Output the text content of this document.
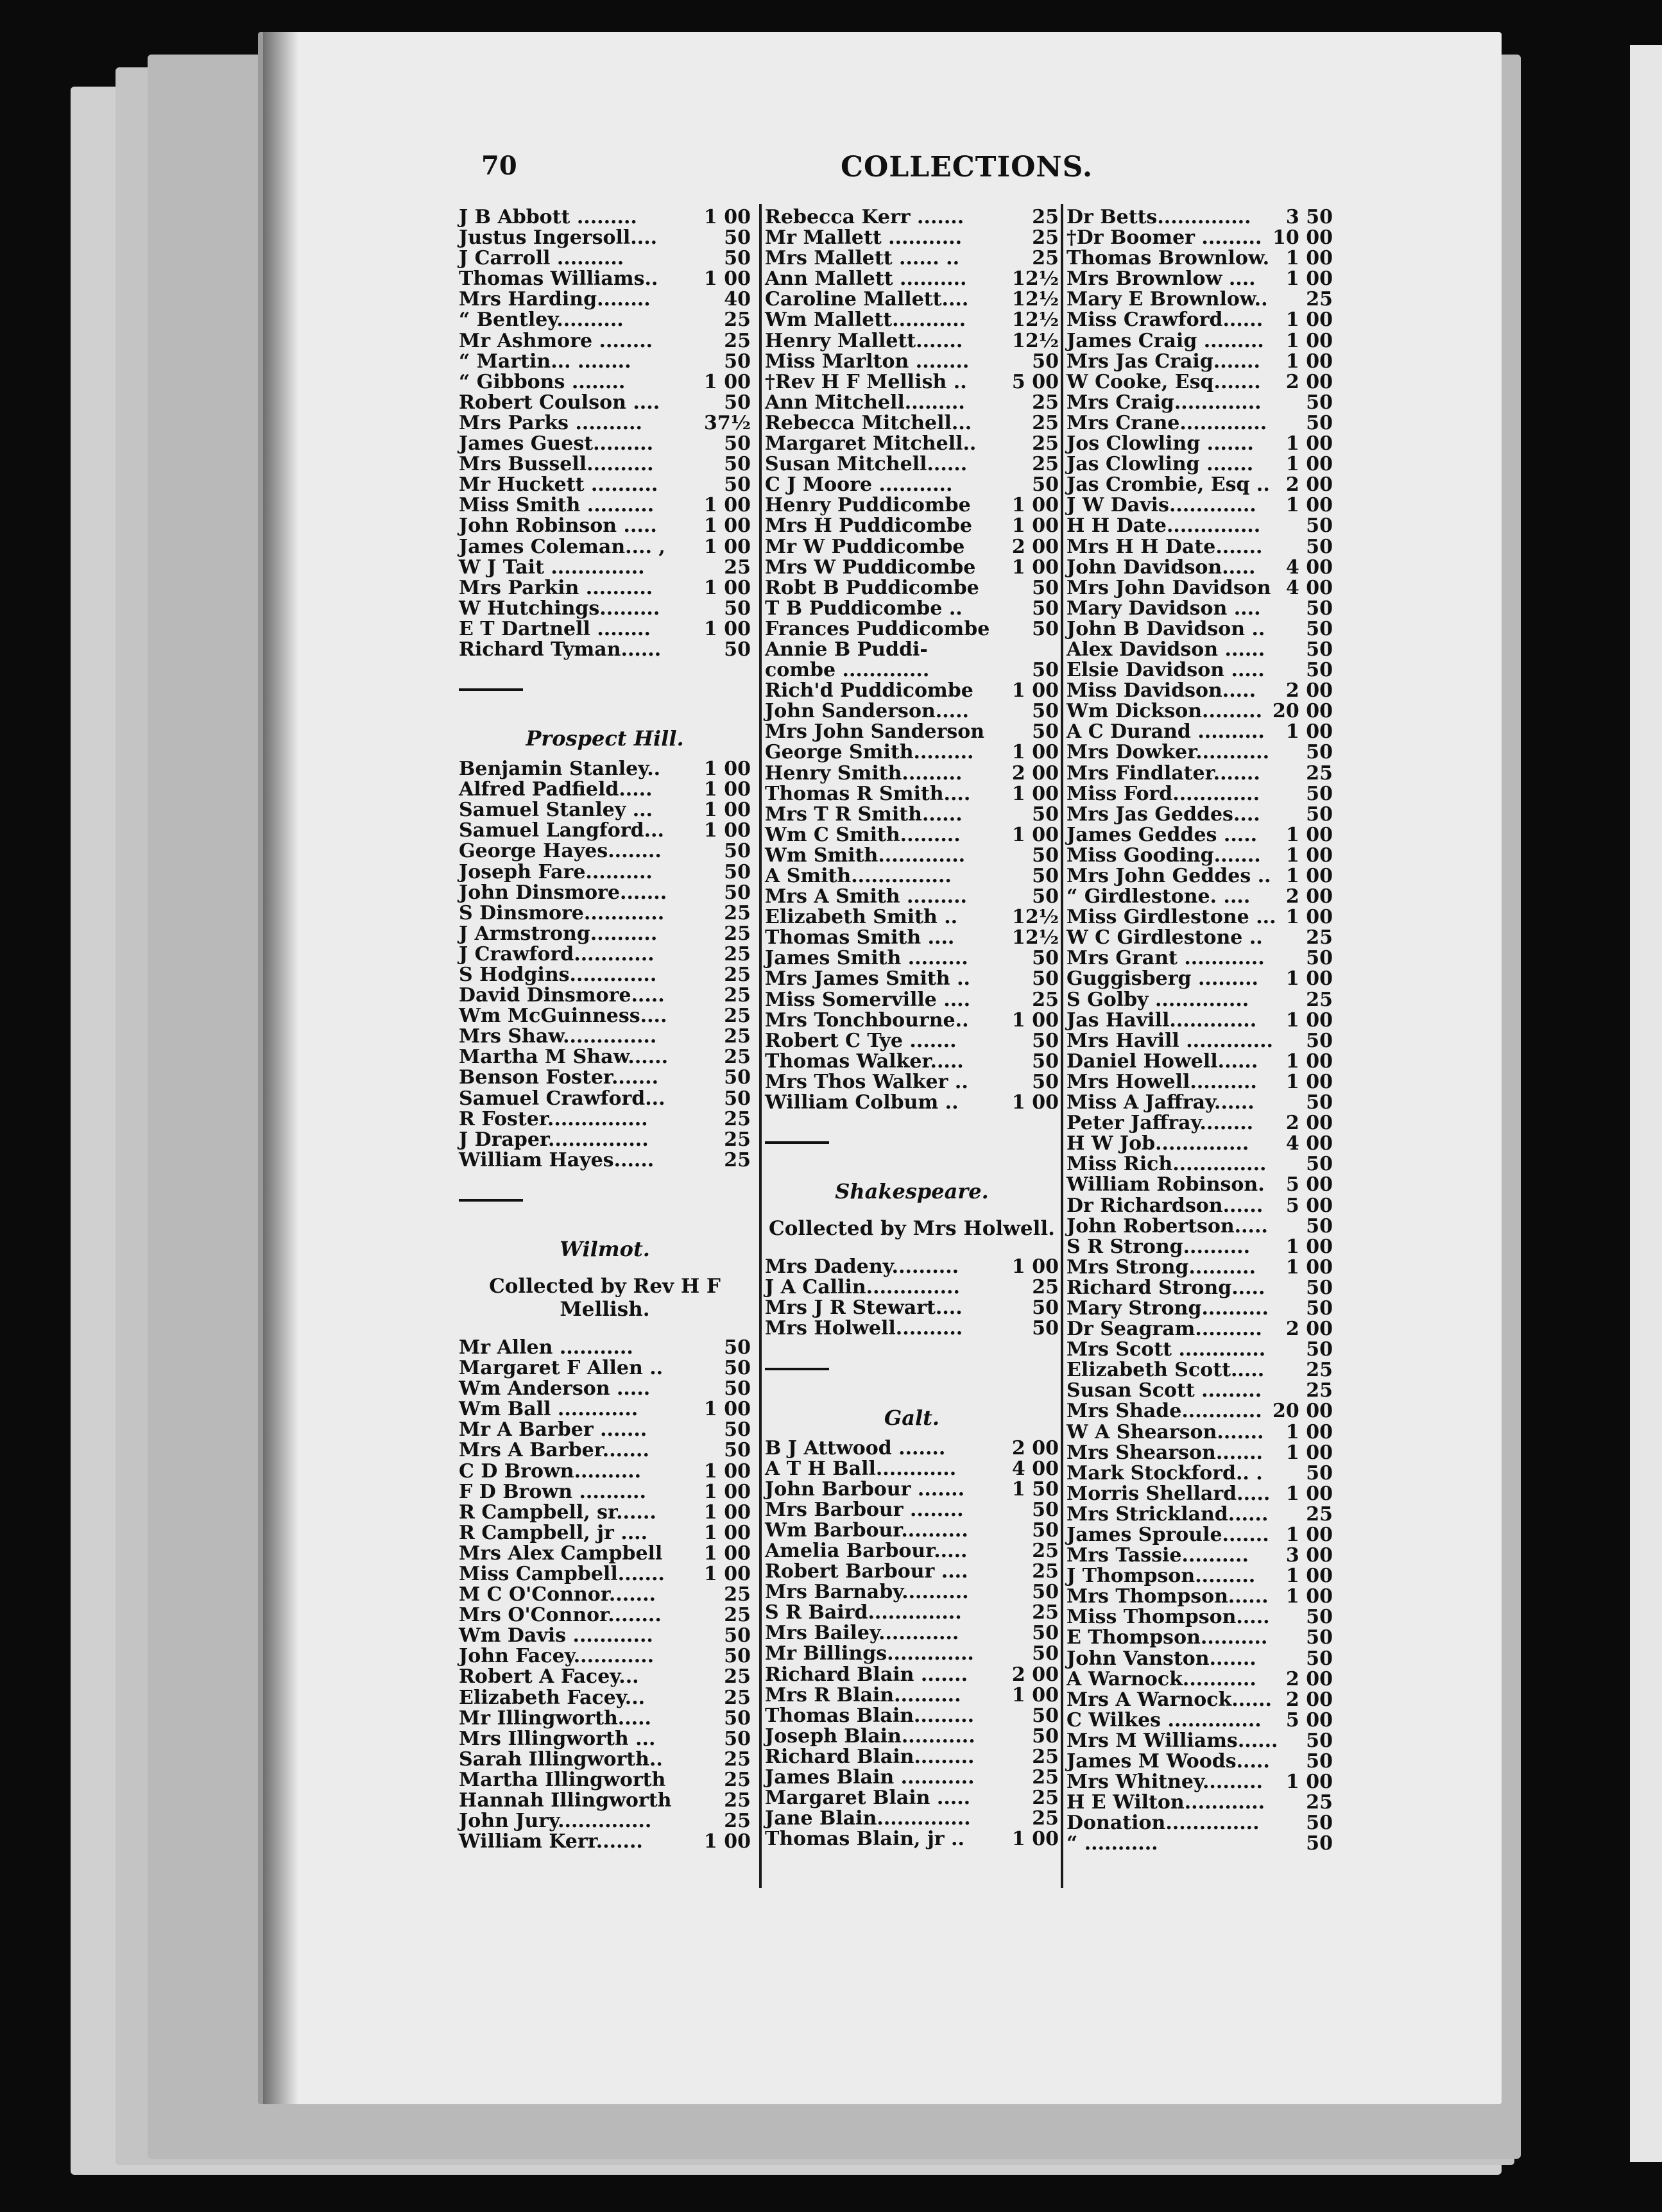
70	COLLECTIONS.
J B Abbott .........	1 00
Justus Ingersoll....	50
J Carroll ..........	50
Thomas Williams.. 1 00
Mrs Harding........	40
“ Bentley..........	25
Mr Ashmore ........	25
“ Martin... ........	50
“ Gibbons ........	1 00
Robert Coulson ....	50
Mrs Parks ..........	37½
James Guest.........	50
Mrs Bussell..........	50
Mr Huckett ..........	50
Miss Smith ..........	1 00
John Robinson ..... 1 00
James Coleman.... , 1 00
W J Tait ..............	25
Mrs Parkin ..........	1 00
W Hutchings.........	50
E T Dartnell ........	1 00
Richard Tyman......	50
Prospect Hill.
Benjamin Stanley.. 1 00
Alfred Padfield.....	1 00
Samuel Stanley ...	1 00
Samuel Langford... 1 00
George Hayes........	50
Joseph Fare..........	50
John Dinsmore.......	50
S Dinsmore............	25
J Armstrong..........	25
J Crawford............	25
S Hodgins.............	25
David Dinsmore.....	25
Wm McGuinness....	25
Mrs Shaw..............	25
Martha M Shaw......	25
Benson Foster.......	50
Samuel Crawford...	50
R Foster...............	25
J Draper...............	25
William Hayes......	25
Wilmot.
Collected by Rev H F Mellish.
Mr Allen ...........	50
Margaret F Allen ..	50
Wm Anderson .....	50
Wm Ball ............	1 00
Mr A Barber .......	50
Mrs A Barber.......	50
C D Brown..........	1 00
F D Brown ..........	1 00
R Campbell, sr...... 1 00
R Campbell, jr ....	1 00
Mrs Alex Campbell 1 00
Miss Campbell....... 1 00
M C O'Connor.......	25
Mrs O'Connor........	25
Wm Davis ............	50
John Facey............	50
Robert A Facey...	25
Elizabeth Facey...	25
Mr Illingworth.....	50
Mrs Illingworth ...	50
Sarah Illingworth..	25
Martha Illingworth	25
Hannah Illingworth	25
John Jury..............	25
William Kerr.......	1 00
Rebecca Kerr .......	25
Mr Mallett ...........	25
Mrs Mallett ...... ..	25
Ann Mallett .......... 12½
Caroline Mallett.... 12½
Wm Mallett........... 12½
Henry Mallett.......	12½
Miss Marlton ........	50
†Rev H F Mellish .. 5 00
Ann Mitchell.........	25
Rebecca Mitchell...	25
Margaret Mitchell..	25
Susan Mitchell......	25
C J Moore ...........	50
Henry Puddicombe 1 00
Mrs H Puddicombe 1 00
Mr W Puddicombe 2 00
Mrs W Puddicombe 1 00
Robt B Puddicombe	50
T B Puddicombe ..	50
Frances Puddicombe 50
Annie B Puddi-
combe .............	50
Rich'd Puddicombe 1 00
John Sanderson.....	50
Mrs John Sanderson 50
George Smith......... 1 00
Henry Smith.........	2 00
Thomas R Smith.... 1 00
Mrs T R Smith......	50
Wm C Smith.........	1 00
Wm Smith.............	50
A Smith...............	50
Mrs A Smith .........	50
Elizabeth Smith ..	12½
Thomas Smith ....	12½
James Smith .........	50
Mrs James Smith ..	50
Miss Somerville ....	25
Mrs Tonchbourne.. 1 00
Robert C Tye .......	50
Thomas Walker.....	50
Mrs Thos Walker ..	50
William Colbum ..	1 00
Shakespeare.
Collected by Mrs Holwell.
Mrs Dadeny..........	1 00
J A Callin..............	25
Mrs J R Stewart....	50
Mrs Holwell..........	50
Galt.
B J Attwood .......	2 00
A T H Ball............	4 00
John Barbour ....... 1 50
Mrs Barbour ........	50
Wm Barbour..........	50
Amelia Barbour.....	25
Robert Barbour ....	25
Mrs Barnaby..........	50
S R Baird..............	25
Mrs Bailey............	50
Mr Billings.............	50
Richard Blain ....... 2 00
Mrs R Blain..........	1 00
Thomas Blain.........	50
Joseph Blain...........	50
Richard Blain.........	25
James Blain ...........	25
Margaret Blain .....	25
Jane Blain..............	25
Thomas Blain, jr .. 1 00
Dr Betts.............. 3 50
†Dr Boomer ......... 10 00
Thomas Brownlow. 1 00
Mrs Brownlow .... 1 00
Mary E Brownlow.. 25
Miss Crawford...... 1 00
James Craig ......... 1 00
Mrs Jas Craig....... 1 00
W Cooke, Esq....... 2 00
Mrs Craig............. 50
Mrs Crane............. 50
Jos Clowling ....... 1 00
Jas Clowling ....... 1 00
Jas Crombie, Esq .. 2 00
J W Davis............. 1 00
H H Date.............. 50
Mrs H H Date....... 50
John Davidson..... 4 00
Mrs John Davidson 4 00
Mary Davidson .... 50
John B Davidson .. 50
Alex Davidson ...... 50
Elsie Davidson ..... 50
Miss Davidson..... 2 00
Wm Dickson......... 20 00
A C Durand .......... 1 00
Mrs Dowker........... 50
Mrs Findlater....... 25
Miss Ford............. 50
Mrs Jas Geddes.... 50
James Geddes ..... 1 00
Miss Gooding....... 1 00
Mrs John Geddes .. 1 00
“ Girdlestone. .... 2 00
Miss Girdlestone ... 1 00
W C Girdlestone .. 25
Mrs Grant ............ 50
Guggisberg ......... 1 00
S Golby ..............	25
Jas Havill............. 1 00
Mrs Havill ............. 50
Daniel Howell...... 1 00
Mrs Howell.......... 1 00
Miss A Jaffray......	50
Peter Jaffray........ 2 00
H W Job.............. 4 00
Miss Rich.............. 50
William Robinson. 5 00
Dr Richardson...... 5 00
John Robertson..... 50
S R Strong.......... 1 00
Mrs Strong.......... 1 00
Richard Strong..... 50
Mary Strong.......... 50
Dr Seagram.......... 2 00
Mrs Scott ............. 50
Elizabeth Scott..... 25
Susan Scott ......... 25
Mrs Shade............ 20 00
W A Shearson....... 1 00
Mrs Shearson....... 1 00
Mark Stockford.. . 50
Morris Shellard..... 1 00
Mrs Strickland...... 25
James Sproule....... 1 00
Mrs Tassie.......... 3 00
J Thompson......... 1 00
Mrs Thompson...... 1 00
Miss Thompson..... 50
E Thompson.......... 50
John Vanston.......	50
A Warnock........... 2 00
Mrs A Warnock...... 2 00
C Wilkes .............. 5 00
Mrs M Williams...... 50
James M Woods..... 50
Mrs Whitney......... 1 00
H E Wilton............ 25
Donation.............. 50
“ ...........	50
